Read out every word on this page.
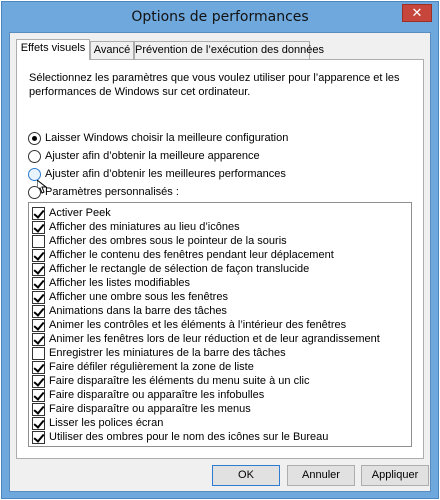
Options de performances	✕
Effets visuels Avancé Prévention de l’exécution des données
Sélectionnez les paramètres que vous voulez utiliser pour l’apparence et les performances de Windows sur cet ordinateur.
Laisser Windows choisir la meilleure configuration
Ajuster afin d’obtenir la meilleure apparence
Ajuster afin d’obtenir les meilleures performances
Paramètres personnalisés :
Activer Peek
Afficher des miniatures au lieu d’icônes
Afficher des ombres sous le pointeur de la souris
Afficher le contenu des fenêtres pendant leur déplacement
Afficher le rectangle de sélection de façon translucide
Afficher les listes modifiables
Afficher une ombre sous les fenêtres
Animations dans la barre des tâches
Animer les contrôles et les éléments à l’intérieur des fenêtres
Animer les fenêtres lors de leur réduction et de leur agrandissement
Enregistrer les miniatures de la barre des tâches
Faire défiler régulièrement la zone de liste
Faire disparaître les éléments du menu suite à un clic
Faire disparaître ou apparaître les infobulles
Faire disparaître ou apparaître les menus
Lisser les polices écran
Utiliser des ombres pour le nom des icônes sur le Bureau
OK	Annuler	Appliquer
